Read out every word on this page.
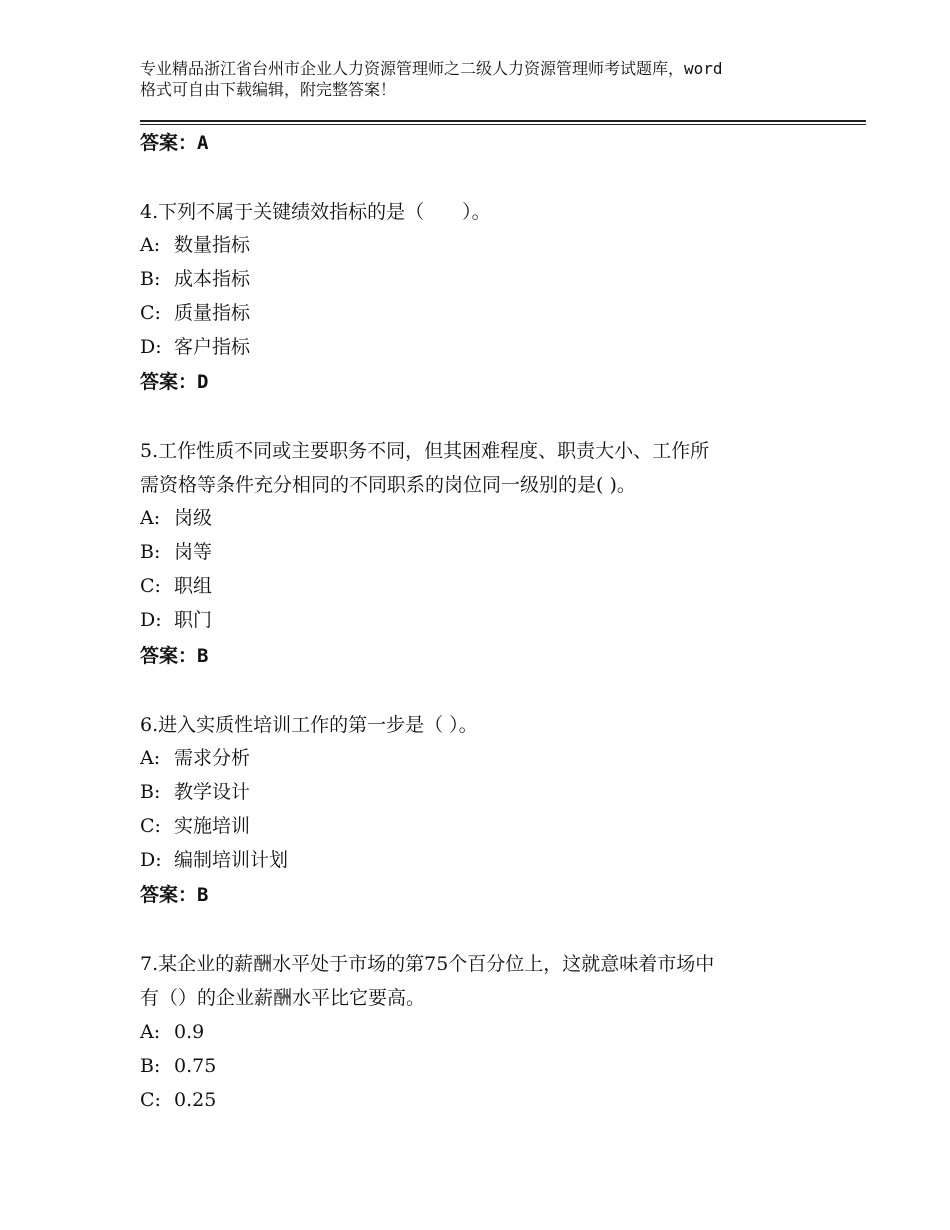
专业精品浙江省台州市企业人力资源管理师之二级人力资源管理师考试题库，word
格式可自由下载编辑，附完整答案！
答案：A
4.下列不属于关键绩效指标的是（　　）。
A: 数量指标
B: 成本指标
C: 质量指标
D: 客户指标
答案：D
5.工作性质不同或主要职务不同，但其困难程度、职责大小、工作所
需资格等条件充分相同的不同职系的岗位同一级别的是( )。
A: 岗级
B: 岗等
C: 职组
D: 职门
答案：B
6.进入实质性培训工作的第一步是（ ）。
A: 需求分析
B: 教学设计
C: 实施培训
D: 编制培训计划
答案：B
7.某企业的薪酬水平处于市场的第75个百分位上，这就意味着市场中
有（）的企业薪酬水平比它要高。
A: 0.9
B: 0.75
C: 0.25
